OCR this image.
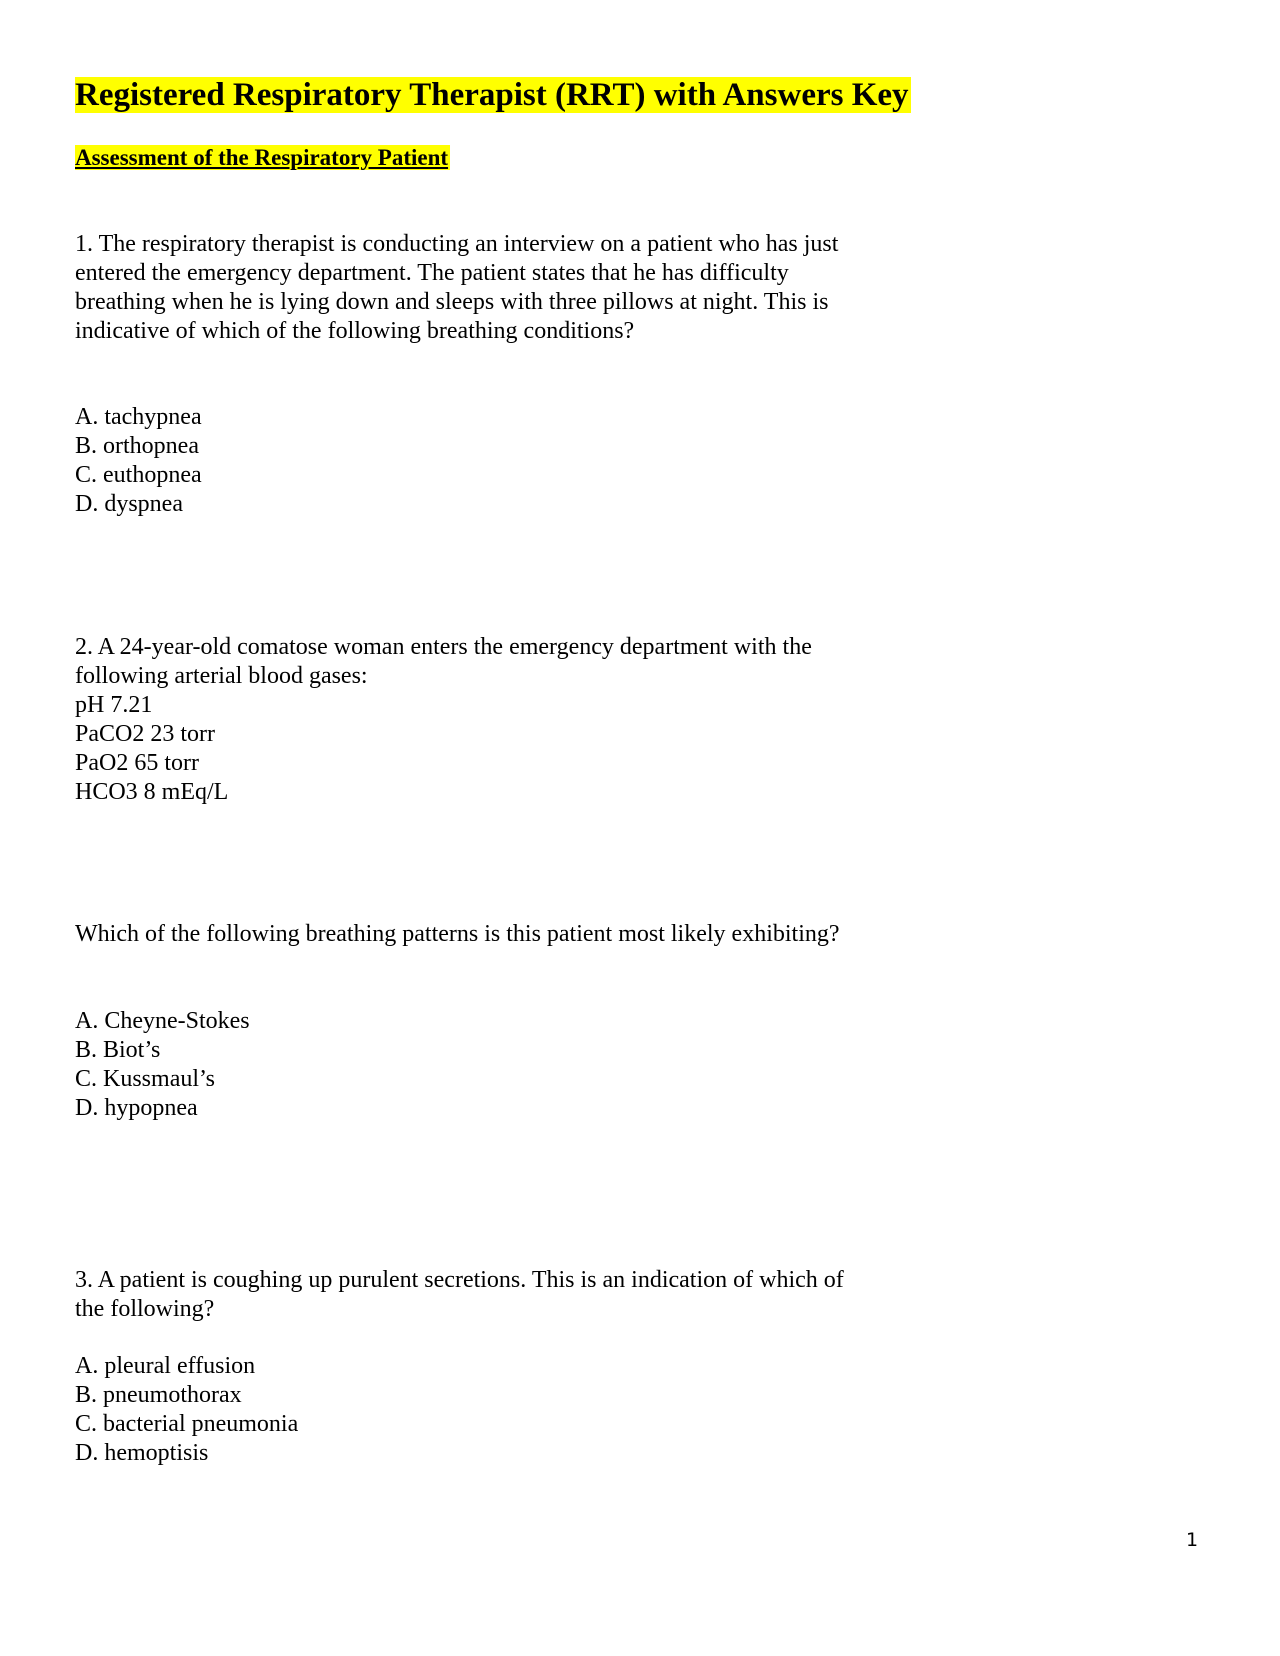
Registered Respiratory Therapist (RRT) with Answers Key
Assessment of the Respiratory Patient
1. The respiratory therapist is conducting an interview on a patient who has just
entered the emergency department. The patient states that he has difficulty
breathing when he is lying down and sleeps with three pillows at night. This is
indicative of which of the following breathing conditions?
A. tachypnea
B. orthopnea
C. euthopnea
D. dyspnea
2. A 24-year-old comatose woman enters the emergency department with the
following arterial blood gases:
pH 7.21
PaCO2 23 torr
PaO2 65 torr
HCO3 8 mEq/L
Which of the following breathing patterns is this patient most likely exhibiting?
A. Cheyne-Stokes
B. Biot’s
C. Kussmaul’s
D. hypopnea
3. A patient is coughing up purulent secretions. This is an indication of which of
the following?
A. pleural effusion
B. pneumothorax
C. bacterial pneumonia
D. hemoptisis
1
